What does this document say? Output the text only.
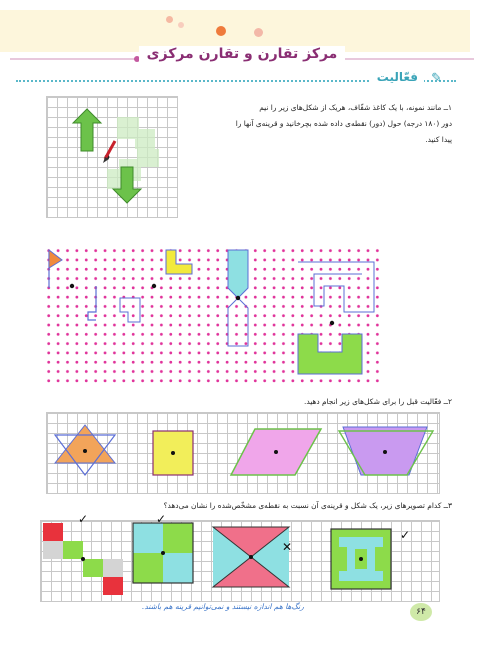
مرکز تقارن و تقارن مرکزی
فعّالیت	✎
۱ــ مانند نمونه، با یک کاغذ شفّاف، هریک از شکل‌های زیر را نیم
دور (۱۸۰ درجه) حول (دور) نقطه‌ی داده شده بچرخانید و قرینه‌ی آنها را
پیدا کنید.
۲ــ فعّالیت قبل را برای شکل‌های زیر انجام دهید.
۳ــ کدام تصویرهای زیر، یک شکل و قرینه‌ی آن نسبت به نقطه‌ی مشخّص‌شده را نشان می‌دهد؟
✓	✓
✕
✓
رنگ‌ها هم اندازه نیستند و نمی‌توانیم قرینه هم باشند.
۶۴
